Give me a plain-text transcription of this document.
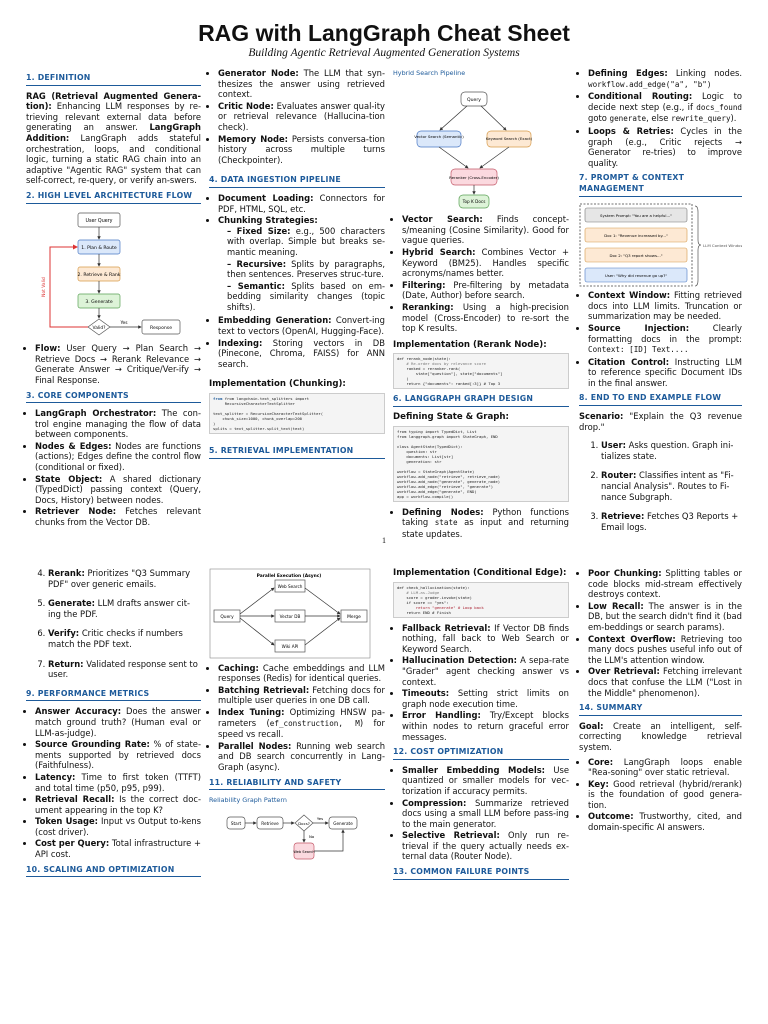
RAG with LangGraph Cheat Sheet
Building Agentic Retrieval Augmented Generation Systems
1. DEFINITION

RAG (Retrieval Augmented Genera-tion): Enhancing LLM responses by re-trieving relevant external data before generating an answer. LangGraph Addition: LangGraph adds stateful orchestration, loops, and conditional logic, turning a static RAG chain into an adaptive "Agentic RAG" system that can self-correct, re-query, or verify an-swers.

2. HIGH LEVEL ARCHITECTURE FLOW
User Query
1. Plan & Route
2. Retrieve & Rank
3. Generate
Valid?
Yes
Response
Not Valid
• Flow: User Query → Plan Search → Retrieve Docs → Rerank Relevance → Generate Answer → Critique/Ver-ify → Final Response.
3. CORE COMPONENTS
• LangGraph Orchestrator: The con-trol engine managing the flow of data between components.
• Nodes & Edges: Nodes are functions (actions); Edges define the control flow (conditional or fixed).
• State Object: A shared dictionary (TypedDict) passing context (Query, Docs, History) between nodes.
• Retriever Node: Fetches relevant chunks from the Vector DB.
• Generator Node: The LLM that syn-thesizes the answer using retrieved context.
• Critic Node: Evaluates answer qual-ity or retrieval relevance (Hallucina-tion check).
• Memory Node: Persists conversa-tion history across multiple turns (Checkpointer).
4. DATA INGESTION PIPELINE
• Document Loading: Connectors for PDF, HTML, SQL, etc.
• Chunking Strategies:
– Fixed Size: e.g., 500 characters with overlap. Simple but breaks se-mantic meaning.
– Recursive: Splits by paragraphs, then sentences. Preserves struc-ture.
– Semantic: Splits based on em-bedding similarity changes (topic shifts).
• Embedding Generation: Convert-ing text to vectors (OpenAI, Hugging-Face).
• Indexing: Storing vectors in DB (Pinecone, Chroma, FAISS) for ANN search.
Implementation (Chunking):
from from langchain.text_splitters import
RecursiveCharacterTextSplitter

text_splitter = RecursiveCharacterTextSplitter(
chunk_size=1000, chunk_overlap=200
)
splits = text_splitter.split_text(text)
5. RETRIEVAL IMPLEMENTATION
Hybrid Search Pipeline
Query
Vector Search (Semantic)	Keyword Search (Exact)
Reranker (Cross-Encoder)
Top K Docs
• Vector Search: Finds concept-s/meaning (Cosine Similarity). Good for vague queries.
• Hybrid Search: Combines Vector + Keyword (BM25). Handles specific acronyms/names better.
• Filtering: Pre-filtering by metadata (Date, Author) before search.
• Reranking: Using a high-precision model (Cross-Encoder) to re-sort the top K results.
Implementation (Rerank Node):
def rerank_node(state):
# Re-order docs by relevance score
ranked = reranker.rank(
state["question"], state["documents"]
)
return {"documents": ranked[:3]} # Top 3
6. LANGGRAPH GRAPH DESIGN
Defining State & Graph:
from typing import TypedDict, List
from langgraph.graph import StateGraph, END

class AgentState(TypedDict):
question: str
documents: List[str]
generation: str

workflow = StateGraph(AgentState)
workflow.add_node("retrieve", retrieve_node)
workflow.add_node("generate", generate_node)
workflow.add_edge("retrieve", "generate")
workflow.add_edge("generate", END)
app = workflow.compile()
• Defining Nodes: Python functions taking state as input and returning state updates.
• Defining Edges: Linking nodes. workflow.add_edge("a", "b")
• Conditional Routing: Logic to decide next step (e.g., if docs_found goto generate, else rewrite_query).
• Loops & Retries: Cycles in the graph (e.g., Critic rejects → Generator re-tries) to improve quality.
7. PROMPT & CONTEXT MANAGEMENT
System Prompt: "You are a helpful..."
Doc 1: "Revenue increased by..."
Doc 2: "Q3 report shows..."
User: "Why did revenue go up?"
LLM Context Window
• Context Window: Fitting retrieved docs into LLM limits. Truncation or summarization may be needed.
• Source Injection: Clearly formatting docs in the prompt: Context: [ID] Text....
• Citation Control: Instructing LLM to reference specific Document IDs in the final answer.
8. END TO END EXAMPLE FLOW

Scenario: "Explain the Q3 revenue drop."

1. User: Asks question. Graph ini-tializes state.
2. Router: Classifies intent as "Fi-nancial Analysis". Routes to Fi-nance Subgraph.
3. Retrieve: Fetches Q3 Reports + Email logs.
1
4. Rerank: Prioritizes "Q3 Summary PDF" over generic emails.
5. Generate: LLM drafts answer cit-ing the PDF.
6. Verify: Critic checks if numbers match the PDF text.
7. Return: Validated response sent to user.
9. PERFORMANCE METRICS
• Answer Accuracy: Does the answer match ground truth? (Human eval or LLM-as-judge).
• Source Grounding Rate: % of state-ments supported by retrieved docs (Faithfulness).
• Latency: Time to first token (TTFT) and total time (p50, p95, p99).
• Retrieval Recall: Is the correct doc-ument appearing in the top K?
• Token Usage: Input vs Output to-kens (cost driver).
• Cost per Query: Total infrastructure + API cost.
10. SCALING AND OPTIMIZATION
Parallel Execution (Async)
Query
Web Search
Vector DB
Wiki API
Merge
• Caching: Cache embeddings and LLM responses (Redis) for identical queries.
• Batching Retrieval: Fetching docs for multiple user queries in one DB call.
• Index Tuning: Optimizing HNSW pa-rameters (ef_construction, M) for speed vs recall.
• Parallel Nodes: Running web search and DB search concurrently in Lang-Graph (async).
11. RELIABILITY AND SAFETY
Reliability Graph Pattern
Start	Retrieve	Docs?
Yes
Generate
No
Web Search
Implementation (Conditional Edge):
def check_hallucination(state):
# LLM-as-Judge
score = grader.invoke(state)
if score == "yes":
return "generate" # Loop back
return END # Finish
• Fallback Retrieval: If Vector DB finds nothing, fall back to Web Search or Keyword Search.
• Hallucination Detection: A sepa-rate "Grader" agent checking answer vs context.
• Timeouts: Setting strict limits on graph node execution time.
• Error Handling: Try/Except blocks within nodes to return graceful error messages.
12. COST OPTIMIZATION
• Smaller Embedding Models: Use quantized or smaller models for vec-torization if accuracy permits.
• Compression: Summarize retrieved docs using a small LLM before pass-ing to the main generator.
• Selective Retrieval: Only run re-trieval if the query actually needs ex-ternal data (Router Node).
13. COMMON FAILURE POINTS
• Poor Chunking: Splitting tables or code blocks mid-stream effectively destroys context.
• Low Recall: The answer is in the DB, but the search didn't find it (bad em-beddings or search params).
• Context Overflow: Retrieving too many docs pushes useful info out of the LLM's attention window.
• Over Retrieval: Fetching irrelevant docs that confuse the LLM ("Lost in the Middle" phenomenon).
14. SUMMARY

Goal: Create an intelligent, self-correcting knowledge retrieval system.

• Core: LangGraph loops enable "Rea-soning" over static retrieval.
• Key: Good retrieval (hybrid/rerank) is the foundation of good genera-tion.
• Outcome: Trustworthy, cited, and domain-specific AI answers.
